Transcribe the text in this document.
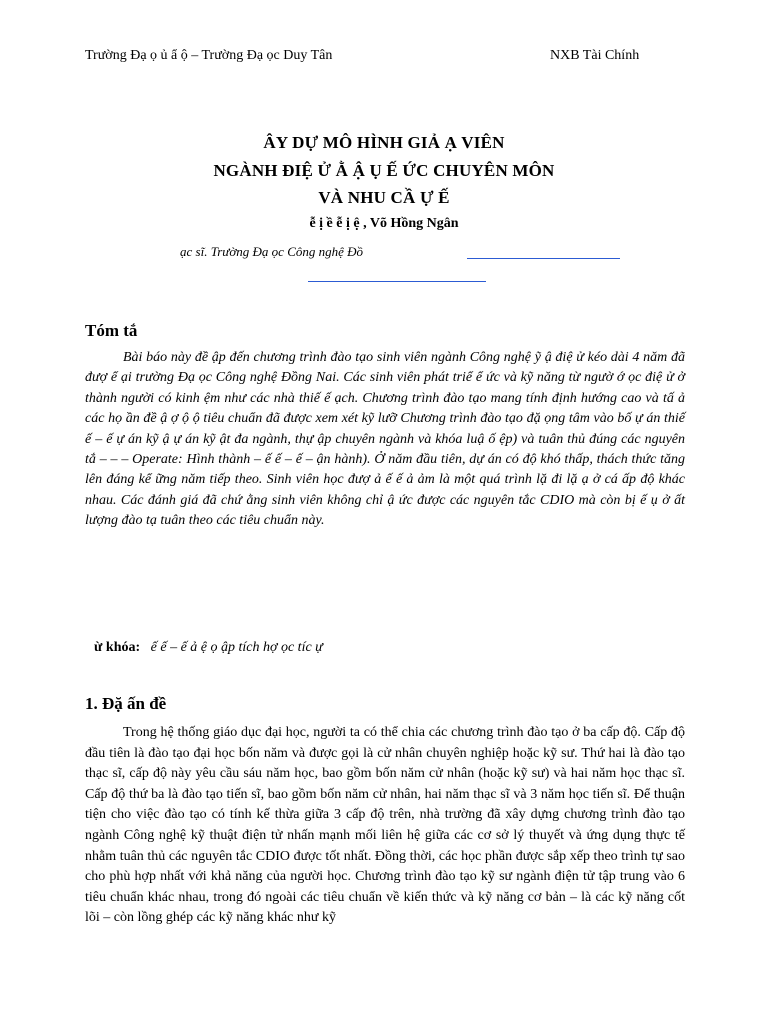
Trường Đạ ọ ủ ẩ ộ – Trường Đạ ọc Duy Tân	NXB Tài Chính
ÂY DỰ MÔ HÌNH GIẢ Ạ VIÊN
NGÀNH ĐIỆ Ử Ằ Ậ Ụ Ế ỨC CHUYÊN MÔN
VÀ NHU CẦ Ự Ế
ễ ị ề ễ ị ệ , Võ Hồng Ngân
ạc sĩ. Trường Đạ ọc Công nghệ Đồ
Tóm tắ
Bài báo này đề ập đến chương trình đào tạo sinh viên ngành Công nghệ ỹ ậ điệ ử kéo dài 4 năm đã đượ ể ại trường Đạ ọc Công nghệ Đồng Nai. Các sinh viên phát triể ể ức và kỹ năng từ ngườ ớ ọc điệ ử ở thành người có kinh ệm như các nhà thiế ế ạch. Chương trình đào tạo mang tính định hướng cao và tấ ả các họ ần đề ậ ợ ộ ộ tiêu chuẩn đã được xem xét kỹ lưỡ Chương trình đào tạo đặ ọng tâm vào bố ự án thiế ế – ế ự án kỹ ậ ự án kỹ ật đa ngành, thự ập chuyên ngành và khóa luậ ố ệp) và tuân thủ đúng các nguyên tắ – – – Operate: Hình thành – ế ế – ế – ận hành). Ở năm đầu tiên, dự án có độ khó thấp, thách thức tăng lên đáng kể ững năm tiếp theo. Sinh viên học đượ ả ế ế ả ảm là một quá trình lặ đi lặ ạ ở cá ấp độ khác nhau. Các đánh giá đã chứ ằng sinh viên không chỉ ậ ức được các nguyên tắc CDIO mà còn bị ế ụ ở ất lượng đào tạ tuân theo các tiêu chuẩn này.
ừ khóa: ế ế – ế ả ệ ọ ập tích hợ ọc tíc ự
1. Đặ ấn đề
Trong hệ thống giáo dục đại học, người ta có thể chia các chương trình đào tạo ở ba cấp độ. Cấp độ đầu tiên là đào tạo đại học bốn năm và được gọi là cử nhân chuyên nghiệp hoặc kỹ sư. Thứ hai là đào tạo thạc sĩ, cấp độ này yêu cầu sáu năm học, bao gồm bốn năm cử nhân (hoặc kỹ sư) và hai năm học thạc sĩ. Cấp độ thứ ba là đào tạo tiến sĩ, bao gồm bốn năm cử nhân, hai năm thạc sĩ và 3 năm học tiến sĩ. Để thuận tiện cho việc đào tạo có tính kế thừa giữa 3 cấp độ trên, nhà trường đã xây dựng chương trình đào tạo ngành Công nghệ kỹ thuật điện tử nhấn mạnh mối liên hệ giữa các cơ sở lý thuyết và ứng dụng thực tế nhằm tuân thủ các nguyên tắc CDIO được tốt nhất. Đồng thời, các học phần được sắp xếp theo trình tự sao cho phù hợp nhất với khả năng của người học. Chương trình đào tạo kỹ sư ngành điện tử tập trung vào 6 tiêu chuẩn khác nhau, trong đó ngoài các tiêu chuẩn về kiến thức và kỹ năng cơ bản – là các kỹ năng cốt lõi – còn lồng ghép các kỹ năng khác như kỹ
